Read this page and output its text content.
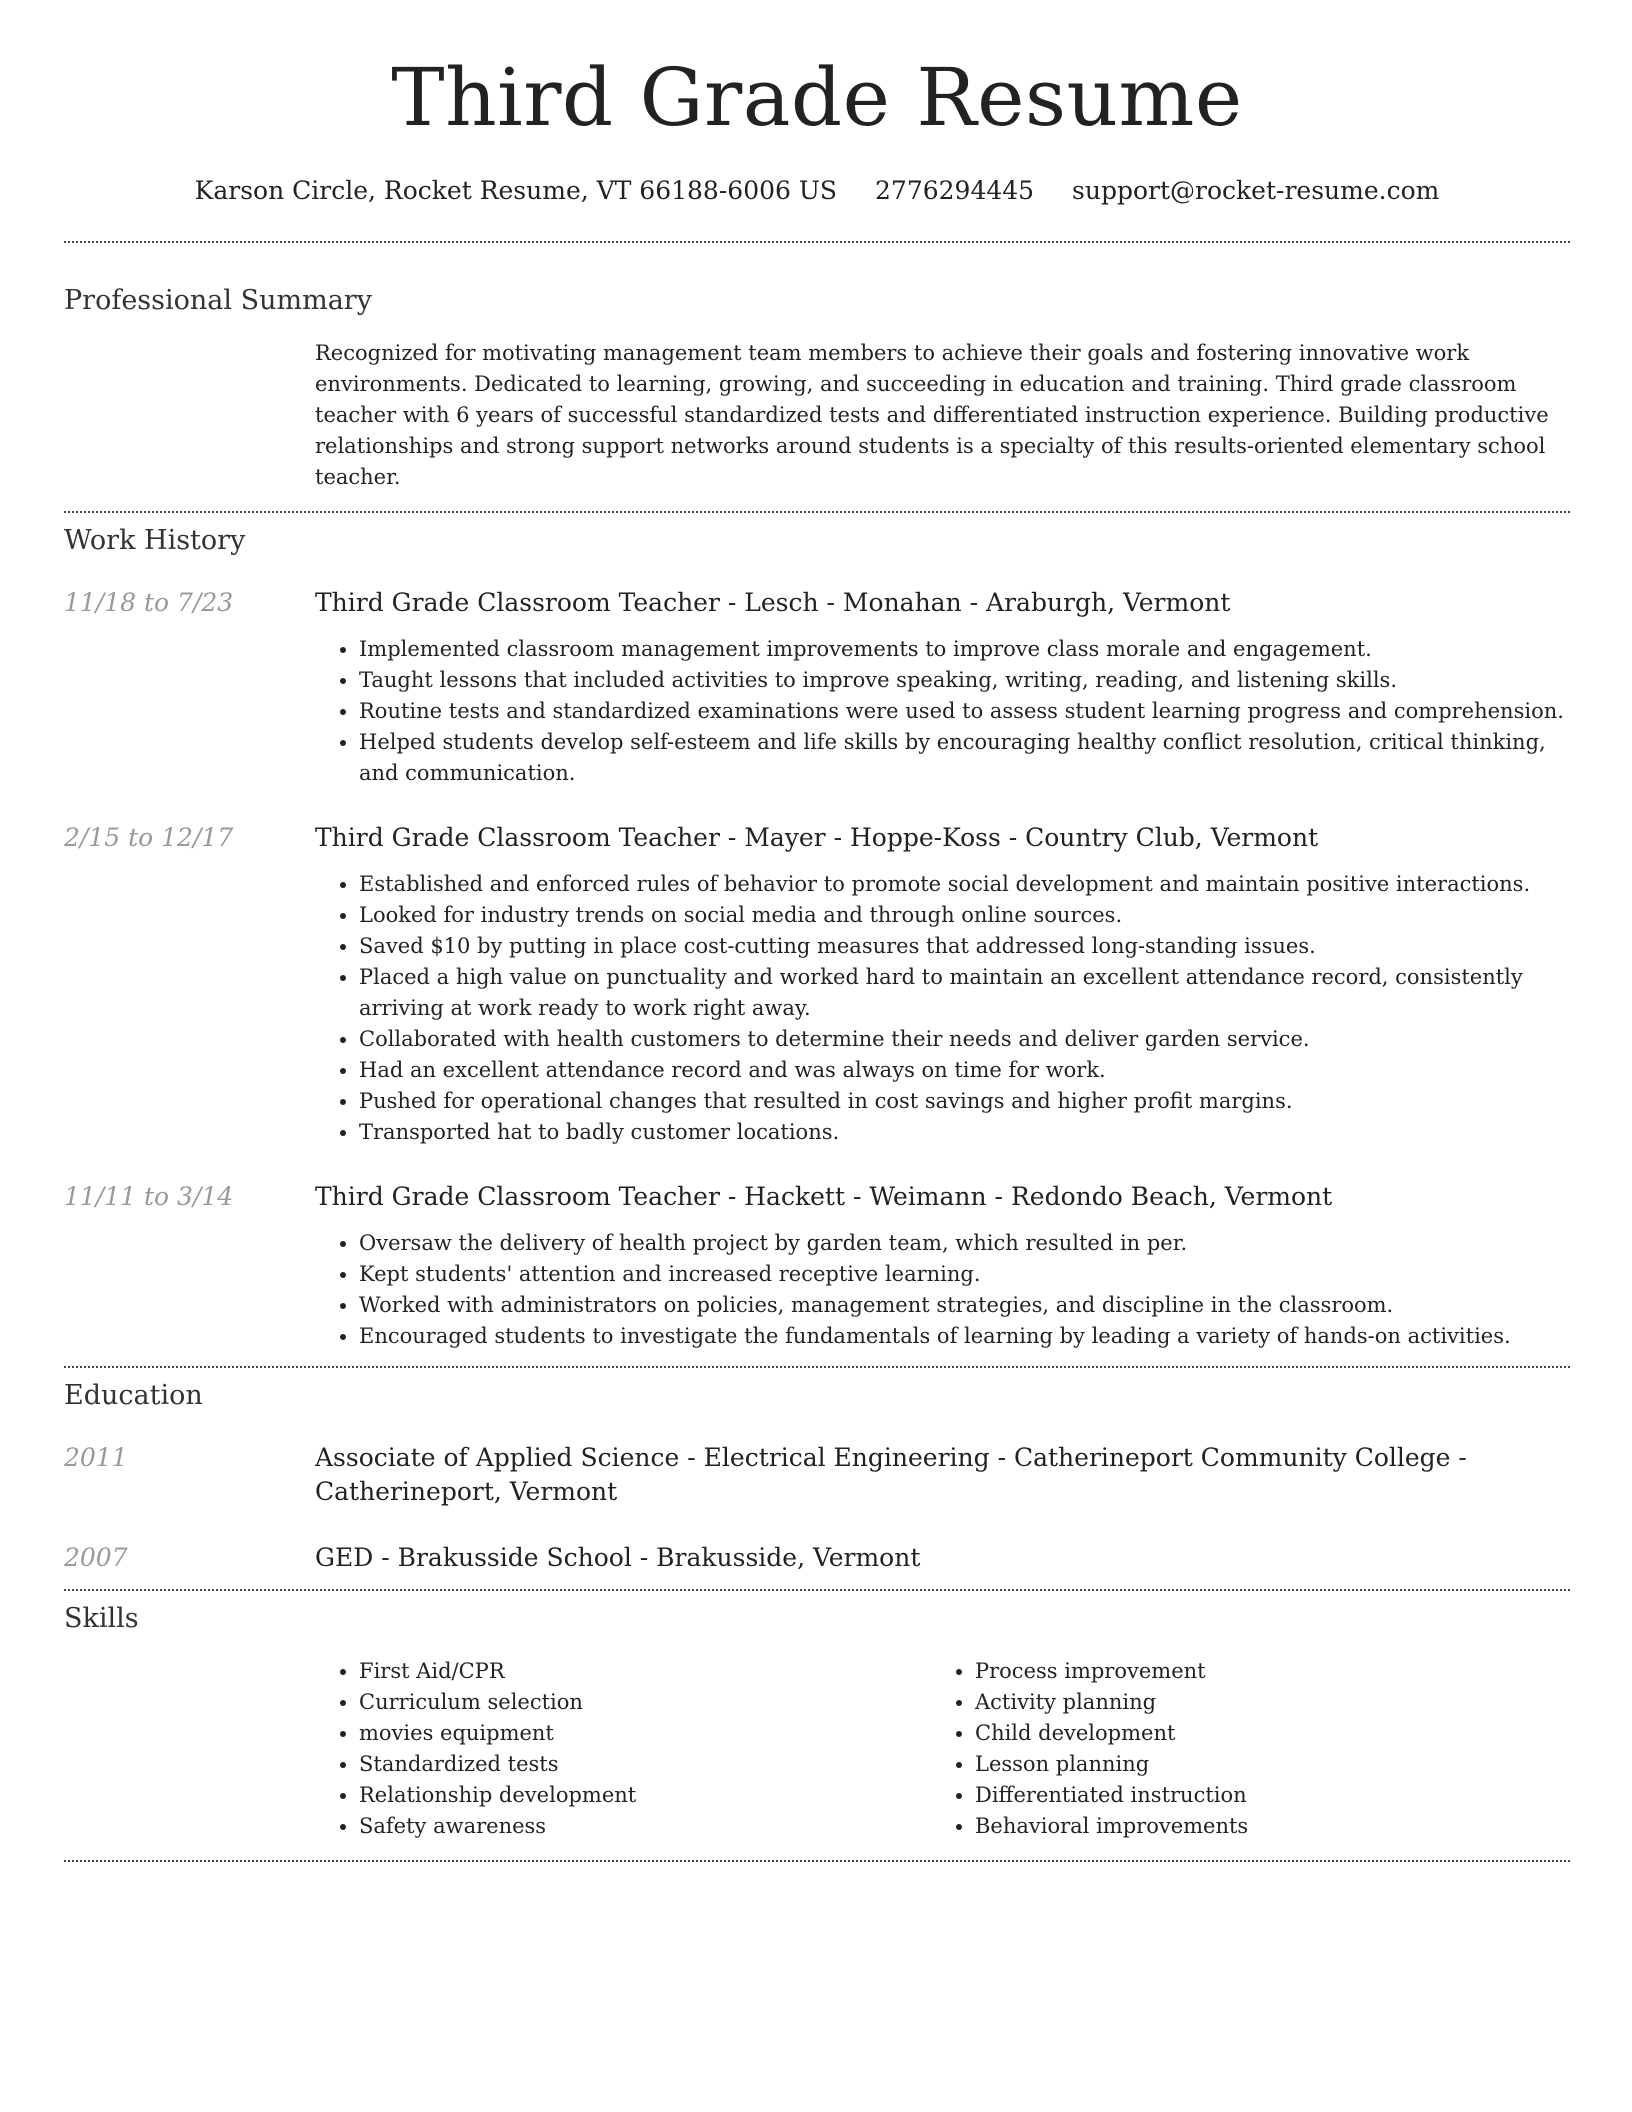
Third Grade Resume
Karson Circle, Rocket Resume, VT 66188-6006 US 2776294445 support@rocket-resume.com
Professional Summary
Recognized for motivating management team members to achieve their goals and fostering innovative work environments. Dedicated to learning, growing, and succeeding in education and training. Third grade classroom teacher with 6 years of successful standardized tests and differentiated instruction experience. Building productive relationships and strong support networks around students is a specialty of this results-oriented elementary school teacher.
Work History
11/18 to 7/23	Third Grade Classroom Teacher - Lesch - Monahan - Araburgh, Vermont
• Implemented classroom management improvements to improve class morale and engagement.
• Taught lessons that included activities to improve speaking, writing, reading, and listening skills.
• Routine tests and standardized examinations were used to assess student learning progress and comprehension.
• Helped students develop self-esteem and life skills by encouraging healthy conflict resolution, critical thinking, and communication.
2/15 to 12/17	Third Grade Classroom Teacher - Mayer - Hoppe-Koss - Country Club, Vermont
• Established and enforced rules of behavior to promote social development and maintain positive interactions.
• Looked for industry trends on social media and through online sources.
• Saved $10 by putting in place cost-cutting measures that addressed long-standing issues.
• Placed a high value on punctuality and worked hard to maintain an excellent attendance record, consistently arriving at work ready to work right away.
• Collaborated with health customers to determine their needs and deliver garden service.
• Had an excellent attendance record and was always on time for work.
• Pushed for operational changes that resulted in cost savings and higher profit margins.
• Transported hat to badly customer locations.
11/11 to 3/14	Third Grade Classroom Teacher - Hackett - Weimann - Redondo Beach, Vermont
• Oversaw the delivery of health project by garden team, which resulted in per.
• Kept students' attention and increased receptive learning.
• Worked with administrators on policies, management strategies, and discipline in the classroom.
• Encouraged students to investigate the fundamentals of learning by leading a variety of hands-on activities.
Education
2011	Associate of Applied Science - Electrical Engineering - Catherineport Community College - Catherineport, Vermont
2007	GED - Brakusside School - Brakusside, Vermont
Skills
• First Aid/CPR
• Curriculum selection
• movies equipment
• Standardized tests
• Relationship development
• Safety awareness
• Process improvement
• Activity planning
• Child development
• Lesson planning
• Differentiated instruction
• Behavioral improvements
